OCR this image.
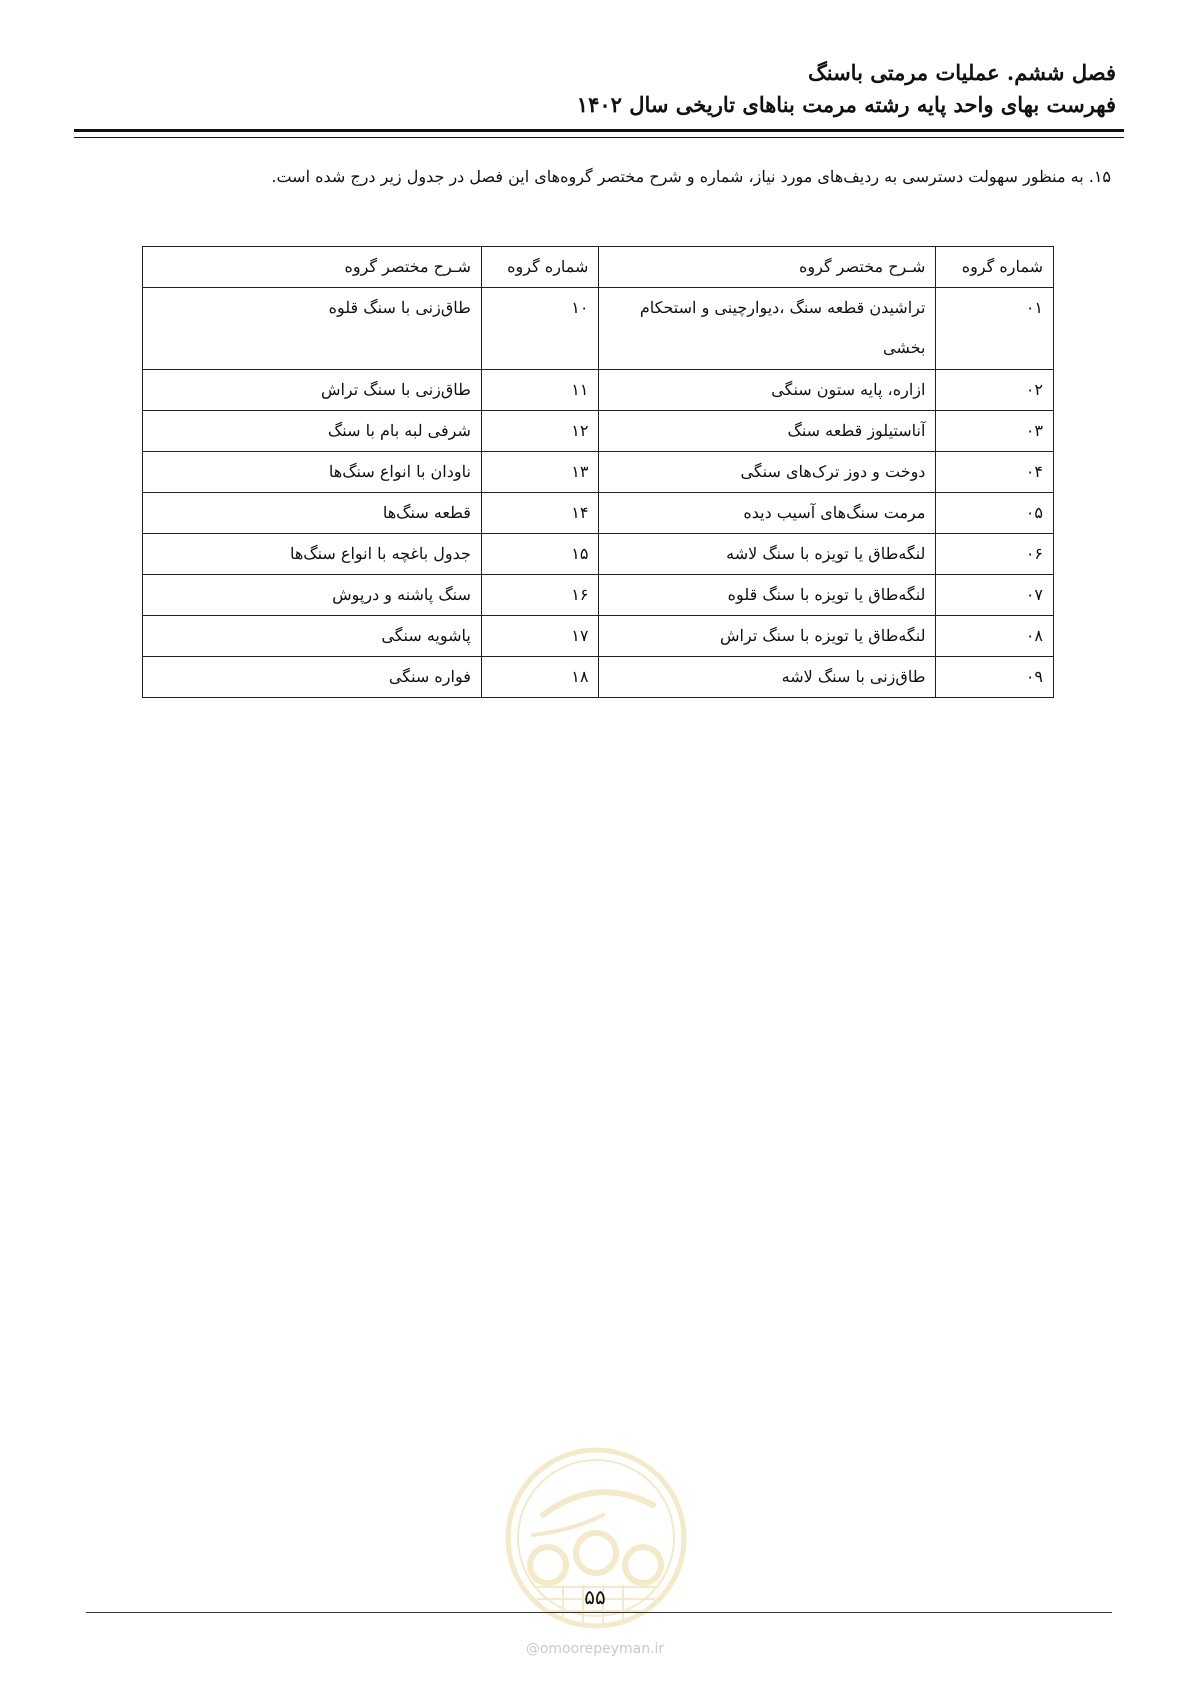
فصل ششم. عملیات مرمتی باسنگ
فهرست بهای واحد پایه رشته مرمت بناهای تاریخی سال ۱۴۰۲
۱۵. به منظور سهولت دسترسی به ردیف‌های مورد نیاز، شماره و شرح مختصر گروه‌های این فصل در جدول زیر درج شده است.
شماره گروه	شـرح مختصر گروه	شماره گروه	شـرح مختصر گروه
۰۱	تراشیدن قطعه سنگ ،دیوارچینی و استحکام بخشی	۱۰	طاق‌زنی با سنگ قلوه
۰۲	ازاره، پایه ستون سنگی	۱۱	طاق‌زنی با سنگ تراش
۰۳	آناستیلوز قطعه سنگ	۱۲	شرفی لبه بام با سنگ
۰۴	دوخت و دوز ترک‌های سنگی	۱۳	ناودان با انواع سنگ‌ها
۰۵	مرمت سنگ‌های آسیب دیده	۱۴	قطعه سنگ‌ها
۰۶	لنگه‌طاق یا تویزه با سنگ لاشه	۱۵	جدول باغچه با انواع سنگ‌ها
۰۷	لنگه‌طاق یا تویزه با سنگ قلوه	۱۶	سنگ پاشنه و درپوش
۰۸	لنگه‌طاق یا تویزه با سنگ تراش	۱۷	پاشویه سنگی
۰۹	طاق‌زنی با سنگ لاشه	۱۸	فواره سنگی
۵۵
@omoorepeyman.ir
